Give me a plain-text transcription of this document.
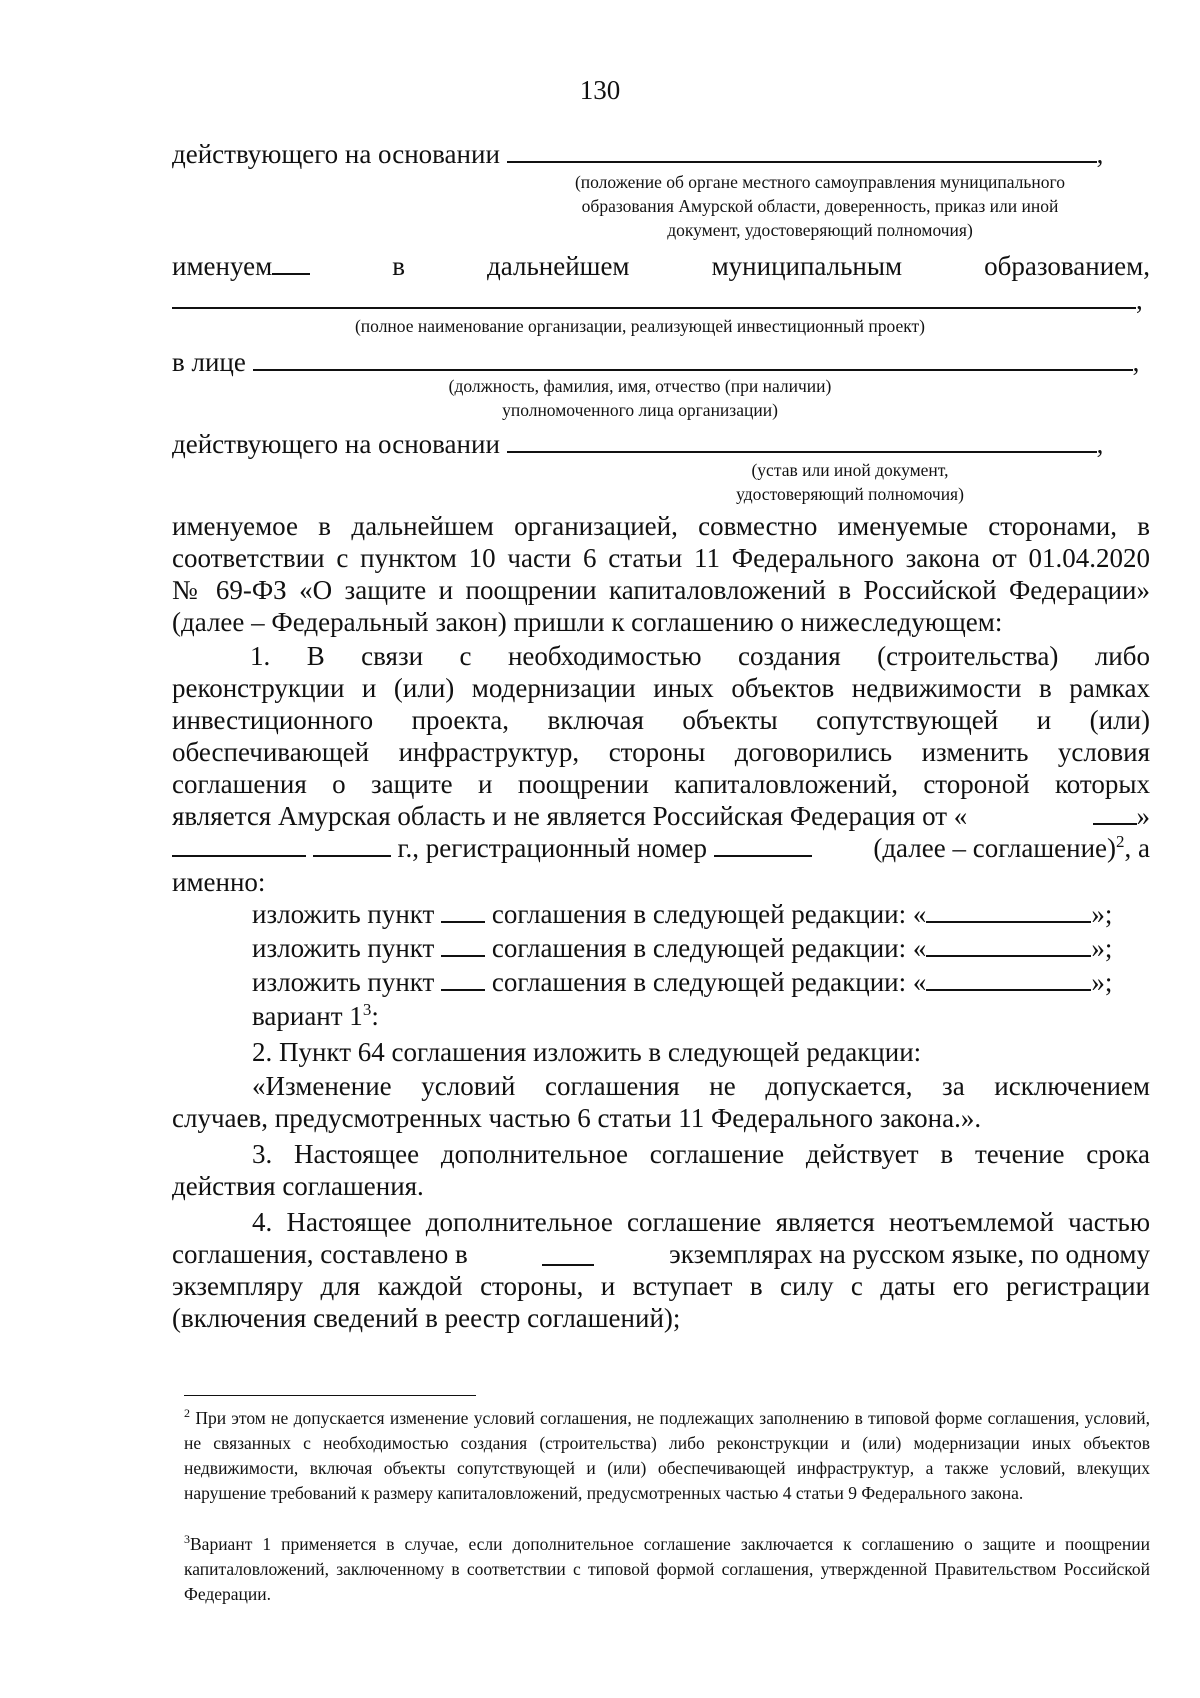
130
действующего на основании	,
(положение об органе местного самоуправления муниципального
образования Амурской области, доверенность, приказ или иной
документ, удостоверяющий полномочия)
именуем	в	дальнейшем	муниципальным	образованием,
,
(полное наименование организации, реализующей инвестиционный проект)
в лице	,
(должность, фамилия, имя, отчество (при наличии)
уполномоченного лица организации)
действующего на основании	,
(устав или иной документ,
удостоверяющий полномочия)
именуемое в дальнейшем организацией, совместно именуемые сторонами, в
соответствии с пунктом 10 части 6 статьи 11 Федерального закона от 01.04.2020
№ 69-ФЗ «О защите и поощрении капиталовложений в Российской Федерации»
(далее – Федеральный закон) пришли к соглашению о нижеследующем:
1. В связи с необходимостью создания (строительства) либо
реконструкции и (или) модернизации иных объектов недвижимости в рамках
инвестиционного проекта, включая объекты сопутствующей и (или)
обеспечивающей инфраструктур, стороны договорились изменить условия
соглашения о защите и поощрении капиталовложений, стороной которых
является Амурская область и не является Российская Федерация от «	»
г., регистрационный номер	(далее – соглашение)$^2$, а
именно:
изложить пункт соглашения в следующей редакции: «	»;
изложить пункт соглашения в следующей редакции: «	»;
изложить пункт соглашения в следующей редакции: «	»;
вариант $1^3$:
2. Пункт 64 соглашения изложить в следующей редакции:
«Изменение условий соглашения не допускается, за исключением
случаев, предусмотренных частью 6 статьи 11 Федерального закона.».
3. Настоящее дополнительное соглашение действует в течение срока
действия соглашения.
4. Настоящее дополнительное соглашение является неотъемлемой частью
соглашения, составлено в	экземплярах на русском языке, по одному
экземпляру для каждой стороны, и вступает в силу с даты его регистрации
(включения сведений в реестр соглашений);
$^2$ При этом не допускается изменение условий соглашения, не подлежащих заполнению в типовой форме соглашения, условий, не связанных с необходимостью создания (строительства) либо реконструкции и (или) модернизации иных объектов недвижимости, включая объекты сопутствующей и (или) обеспечивающей инфраструктур, а также условий, влекущих нарушение требований к размеру капиталовложений, предусмотренных частью 4 статьи 9 Федерального закона.
$^3$Вариант 1 применяется в случае, если дополнительное соглашение заключается к соглашению о защите и поощрении капиталовложений, заключенному в соответствии с типовой формой соглашения, утвержденной Правительством Российской Федерации.
